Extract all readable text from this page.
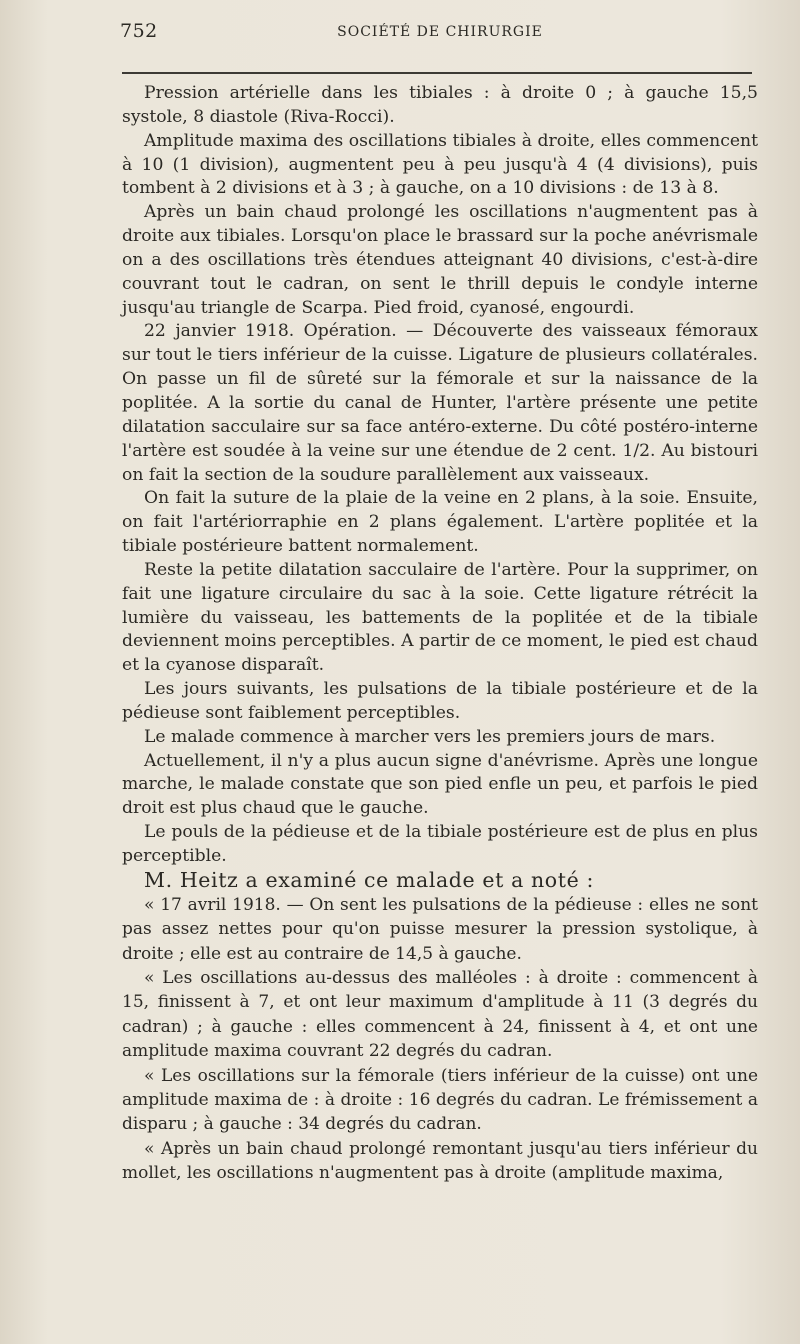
752	SOCIÉTÉ DE CHIRURGIE

Pression artérielle dans les tibiales : à droite 0 ; à gauche 15,5 systole, 8 diastole (Riva-Rocci).

Amplitude maxima des oscillations tibiales à droite, elles commencent à 10 (1 division), augmentent peu à peu jusqu'à 4 (4 divisions), puis tombent à 2 divisions et à 3 ; à gauche, on a 10 divisions : de 13 à 8.

Après un bain chaud prolongé les oscillations n'augmentent pas à droite aux tibiales. Lorsqu'on place le brassard sur la poche anévrismale on a des oscillations très étendues atteignant 40 divisions, c'est-à-dire couvrant tout le cadran, on sent le thrill depuis le condyle interne jusqu'au triangle de Scarpa. Pied froid, cyanosé, engourdi.

22 janvier 1918. Opération. — Découverte des vaisseaux fémoraux sur tout le tiers inférieur de la cuisse. Ligature de plusieurs collatérales. On passe un fil de sûreté sur la fémorale et sur la naissance de la poplitée. A la sortie du canal de Hunter, l'artère présente une petite dilatation sacculaire sur sa face antéro-externe. Du côté postéro-interne l'artère est soudée à la veine sur une étendue de 2 cent. 1/2. Au bistouri on fait la section de la soudure parallèlement aux vaisseaux.

On fait la suture de la plaie de la veine en 2 plans, à la soie. Ensuite, on fait l'artériorraphie en 2 plans également. L'artère poplitée et la tibiale postérieure battent normalement.

Reste la petite dilatation sacculaire de l'artère. Pour la supprimer, on fait une ligature circulaire du sac à la soie. Cette ligature rétrécit la lumière du vaisseau, les battements de la poplitée et de la tibiale deviennent moins perceptibles. A partir de ce moment, le pied est chaud et la cyanose disparaît.

Les jours suivants, les pulsations de la tibiale postérieure et de la pédieuse sont faiblement perceptibles.

Le malade commence à marcher vers les premiers jours de mars.

Actuellement, il n'y a plus aucun signe d'anévrisme. Après une longue marche, le malade constate que son pied enfle un peu, et parfois le pied droit est plus chaud que le gauche.

Le pouls de la pédieuse et de la tibiale postérieure est de plus en plus perceptible.

M. Heitz a examiné ce malade et a noté :

« 17 avril 1918. — On sent les pulsations de la pédieuse : elles ne sont pas assez nettes pour qu'on puisse mesurer la pression systolique, à droite ; elle est au contraire de 14,5 à gauche.

« Les oscillations au-dessus des malléoles : à droite : commencent à 15, finissent à 7, et ont leur maximum d'amplitude à 11 (3 degrés du cadran) ; à gauche : elles commencent à 24, finissent à 4, et ont une amplitude maxima couvrant 22 degrés du cadran.

« Les oscillations sur la fémorale (tiers inférieur de la cuisse) ont une amplitude maxima de : à droite : 16 degrés du cadran. Le frémissement a disparu ; à gauche : 34 degrés du cadran.

« Après un bain chaud prolongé remontant jusqu'au tiers inférieur du mollet, les oscillations n'augmentent pas à droite (amplitude maxima,
